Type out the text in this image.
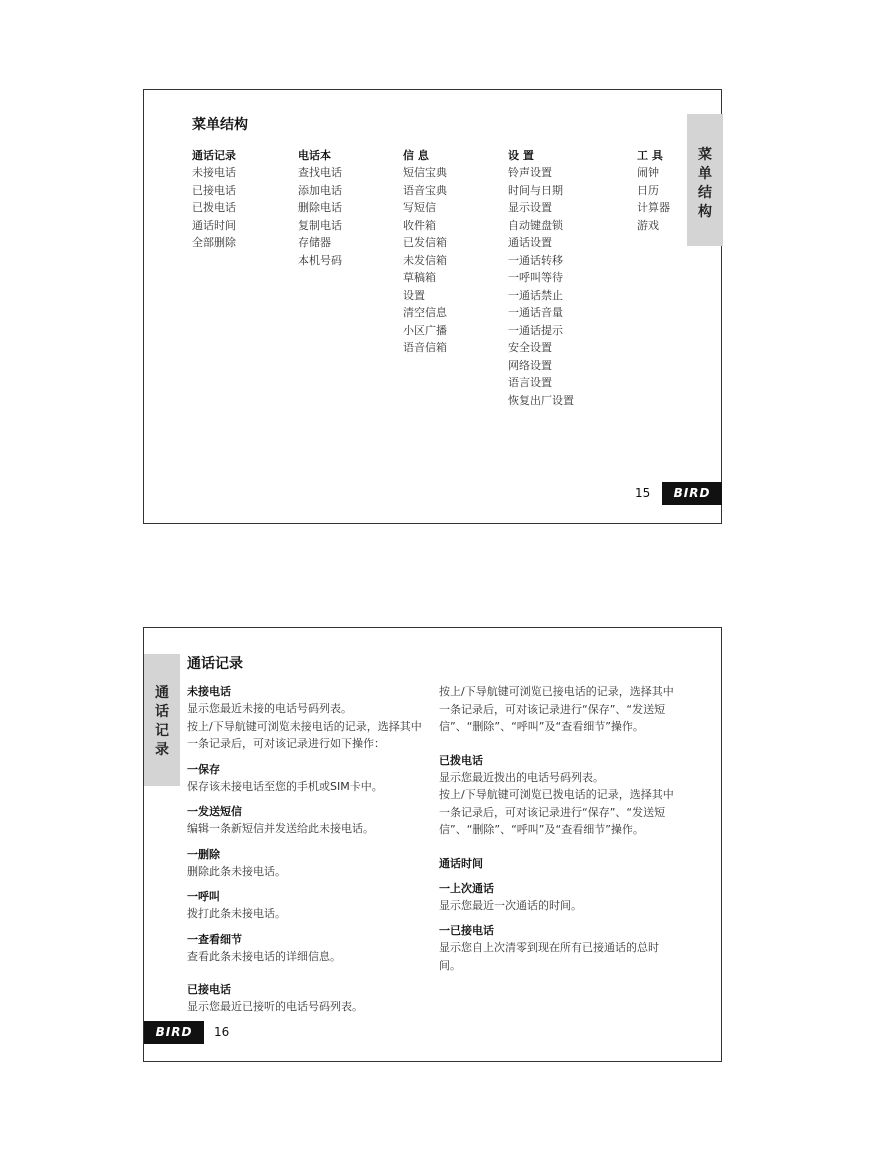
菜单结构
菜
单
结
构
通话记录
未接电话
已接电话
已拨电话
通话时间
全部删除
电话本
查找电话
添加电话
删除电话
复制电话
存储器
本机号码
信 息
短信宝典
语音宝典
写短信
收件箱
已发信箱
未发信箱
草稿箱
设置
清空信息
小区广播
语音信箱
设 置
铃声设置
时间与日期
显示设置
自动键盘锁
通话设置
一通话转移
一呼叫等待
一通话禁止
一通话音量
一通话提示
安全设置
网络设置
语言设置
恢复出厂设置
工 具
闹钟
日历
计算器
游戏
15	BIRD
通话记录
通
话
记
录
未接电话
显示您最近未接的电话号码列表。
按上/下导航键可浏览未接电话的记录，选择其中一条记录后，可对该记录进行如下操作：
一保存
保存该未接电话至您的手机或SIM卡中。
一发送短信
编辑一条新短信并发送给此未接电话。
一删除
删除此条未接电话。
一呼叫
拨打此条未接电话。
一查看细节
查看此条未接电话的详细信息。
已接电话
显示您最近已接听的电话号码列表。
按上/下导航键可浏览已接电话的记录，选择其中一条记录后，可对该记录进行“保存”、“发送短信”、“删除”、“呼叫”及“查看细节”操作。
已拨电话
显示您最近拨出的电话号码列表。
按上/下导航键可浏览已拨电话的记录，选择其中一条记录后，可对该记录进行“保存”、“发送短信”、“删除”、“呼叫”及“查看细节”操作。
通话时间
一上次通话
显示您最近一次通话的时间。
一已接电话
显示您自上次清零到现在所有已接通话的总时间。
BIRD	16
